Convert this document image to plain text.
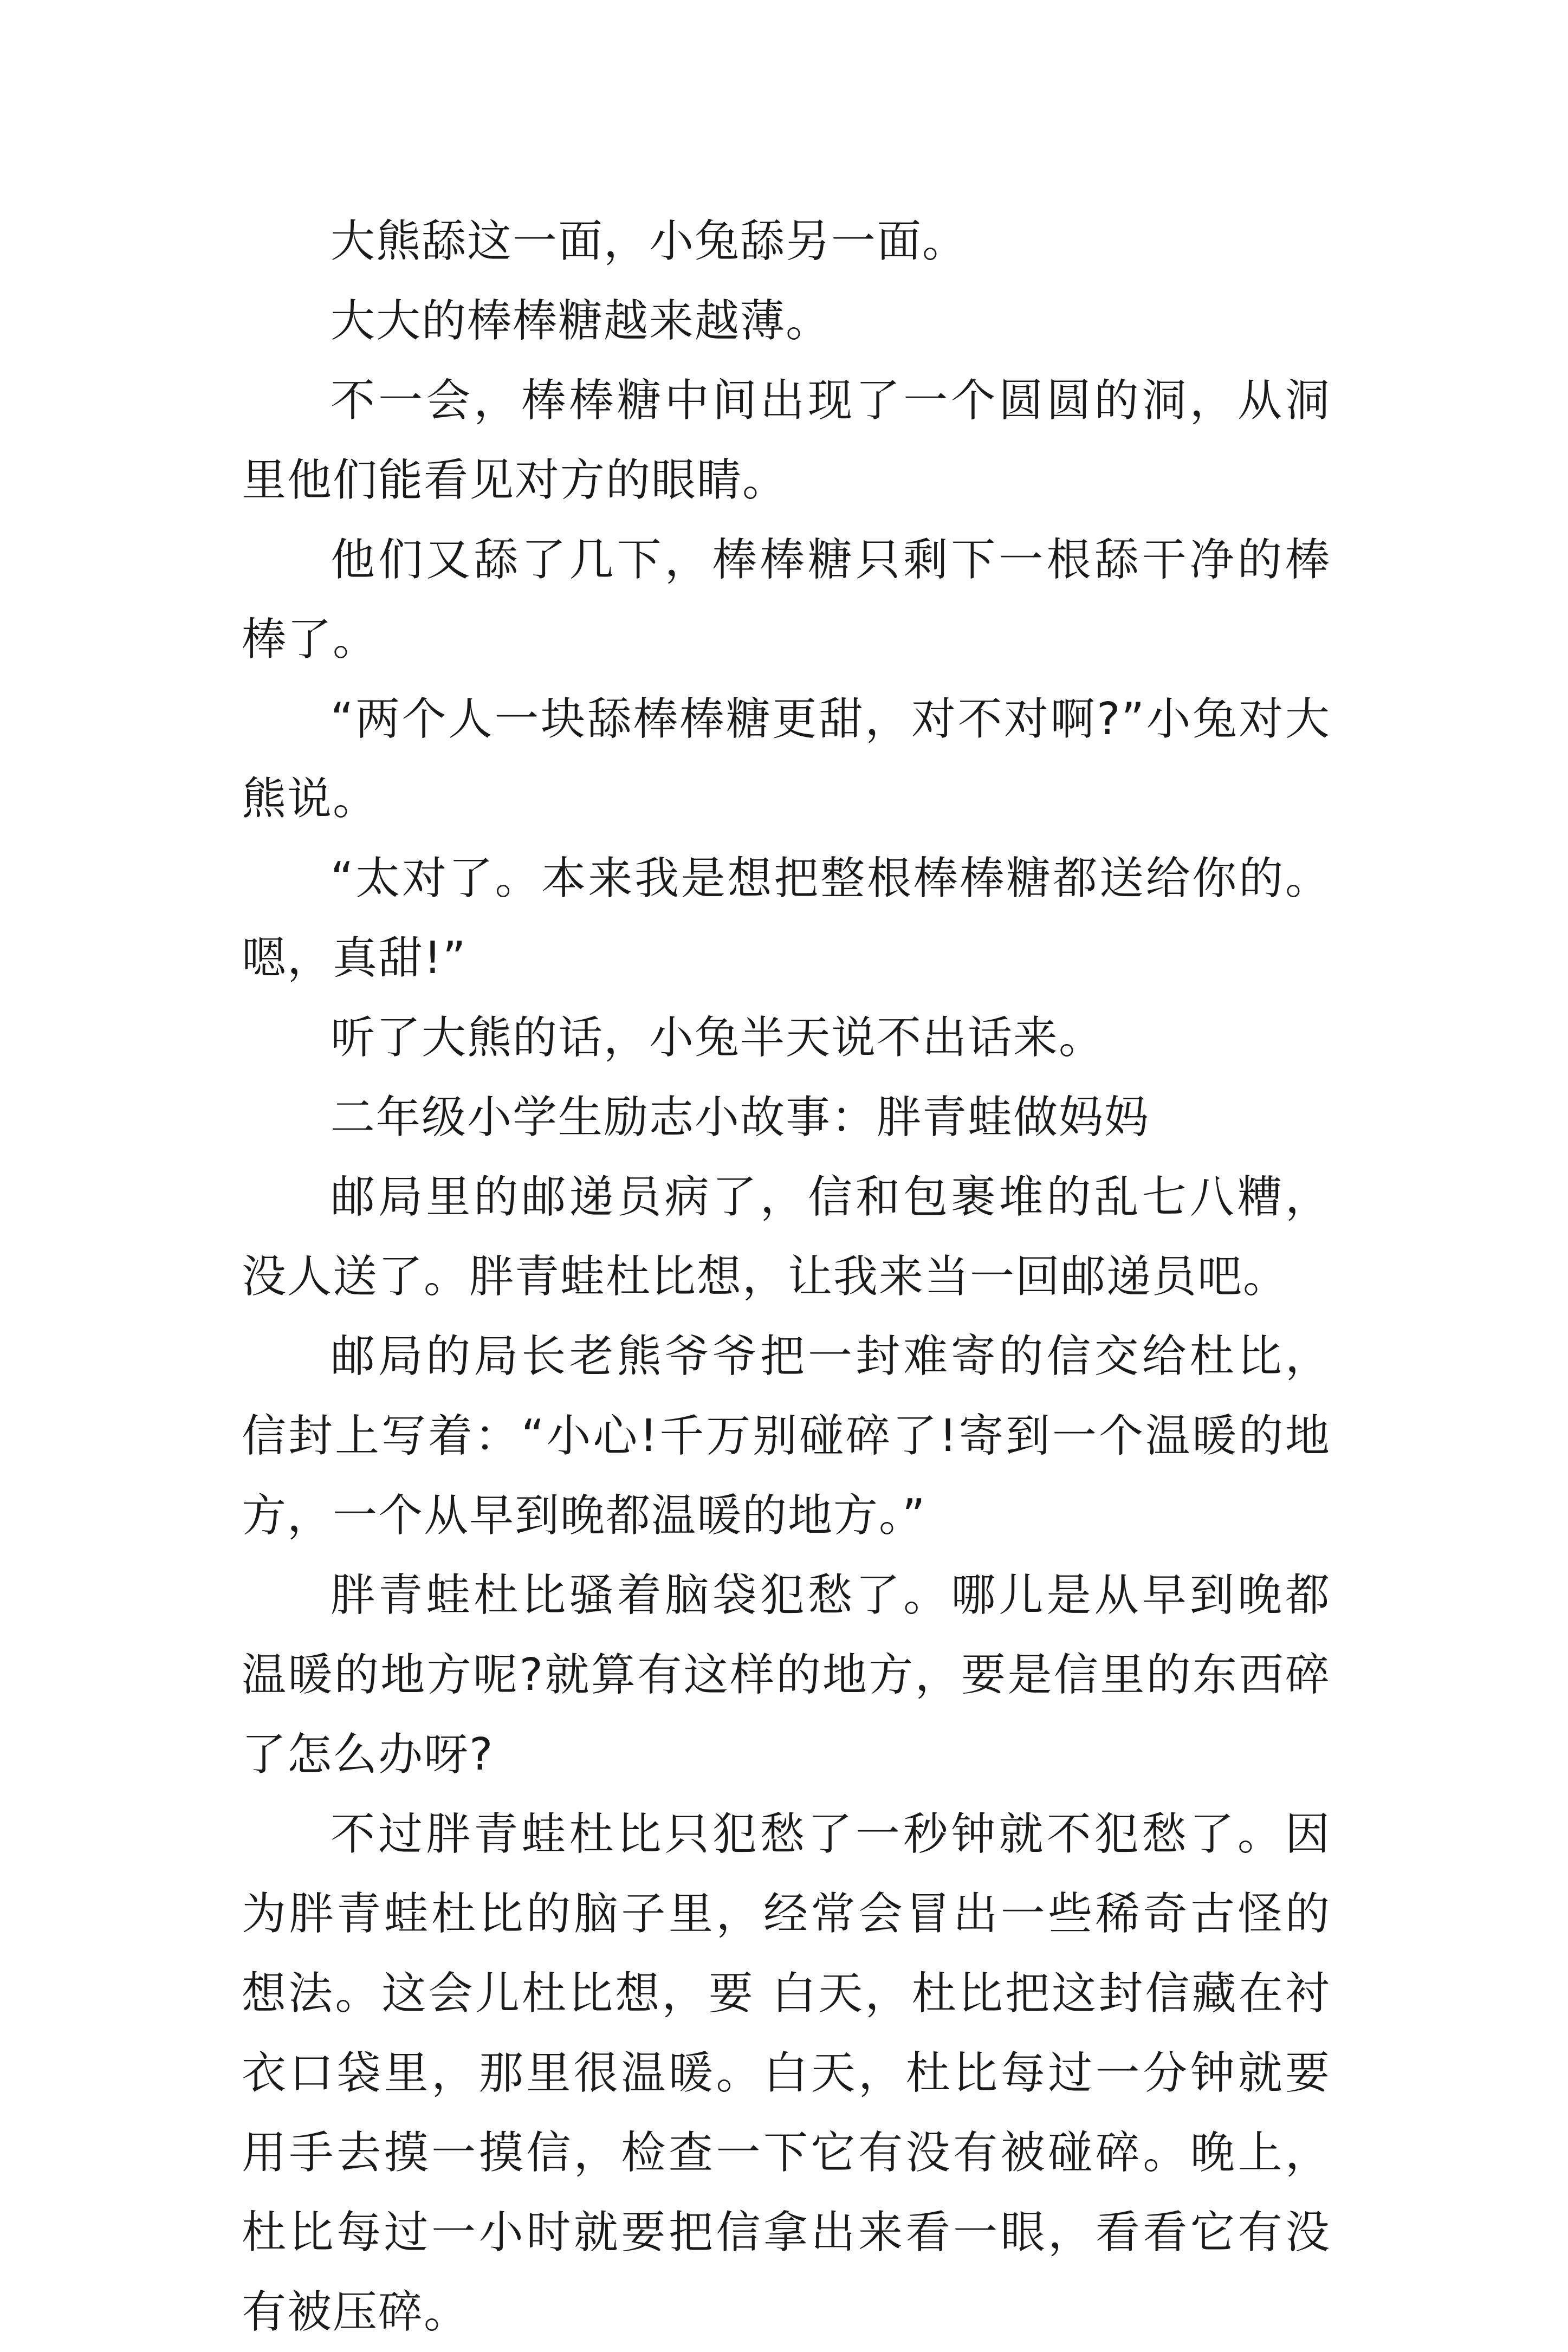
大熊舔这一面，小兔舔另一面。

大大的棒棒糖越来越薄。

不一会，棒棒糖中间出现了一个圆圆的洞，从洞里他们能看见对方的眼睛。

他们又舔了几下，棒棒糖只剩下一根舔干净的棒棒了。

“两个人一块舔棒棒糖更甜，对不对啊?”小兔对大熊说。

“太对了。本来我是想把整根棒棒糖都送给你的。嗯，真甜!”

听了大熊的话，小兔半天说不出话来。

二年级小学生励志小故事：胖青蛙做妈妈

邮局里的邮递员病了，信和包裹堆的乱七八糟，没人送了。胖青蛙杜比想，让我来当一回邮递员吧。

邮局的局长老熊爷爷把一封难寄的信交给杜比，信封上写着：“小心!千万别碰碎了!寄到一个温暖的地方，一个从早到晚都温暖的地方。”

胖青蛙杜比骚着脑袋犯愁了。哪儿是从早到晚都温暖的地方呢?就算有这样的地方，要是信里的东西碎了怎么办呀?

不过胖青蛙杜比只犯愁了一秒钟就不犯愁了。因为胖青蛙杜比的脑子里，经常会冒出一些稀奇古怪的想法。这会儿杜比想，要 白天，杜比把这封信藏在衬衣口袋里，那里很温暖。白天，杜比每过一分钟就要用手去摸一摸信，检查一下它有没有被碰碎。晚上，杜比每过一小时就要把信拿出来看一眼，看看它有没有被压碎。
